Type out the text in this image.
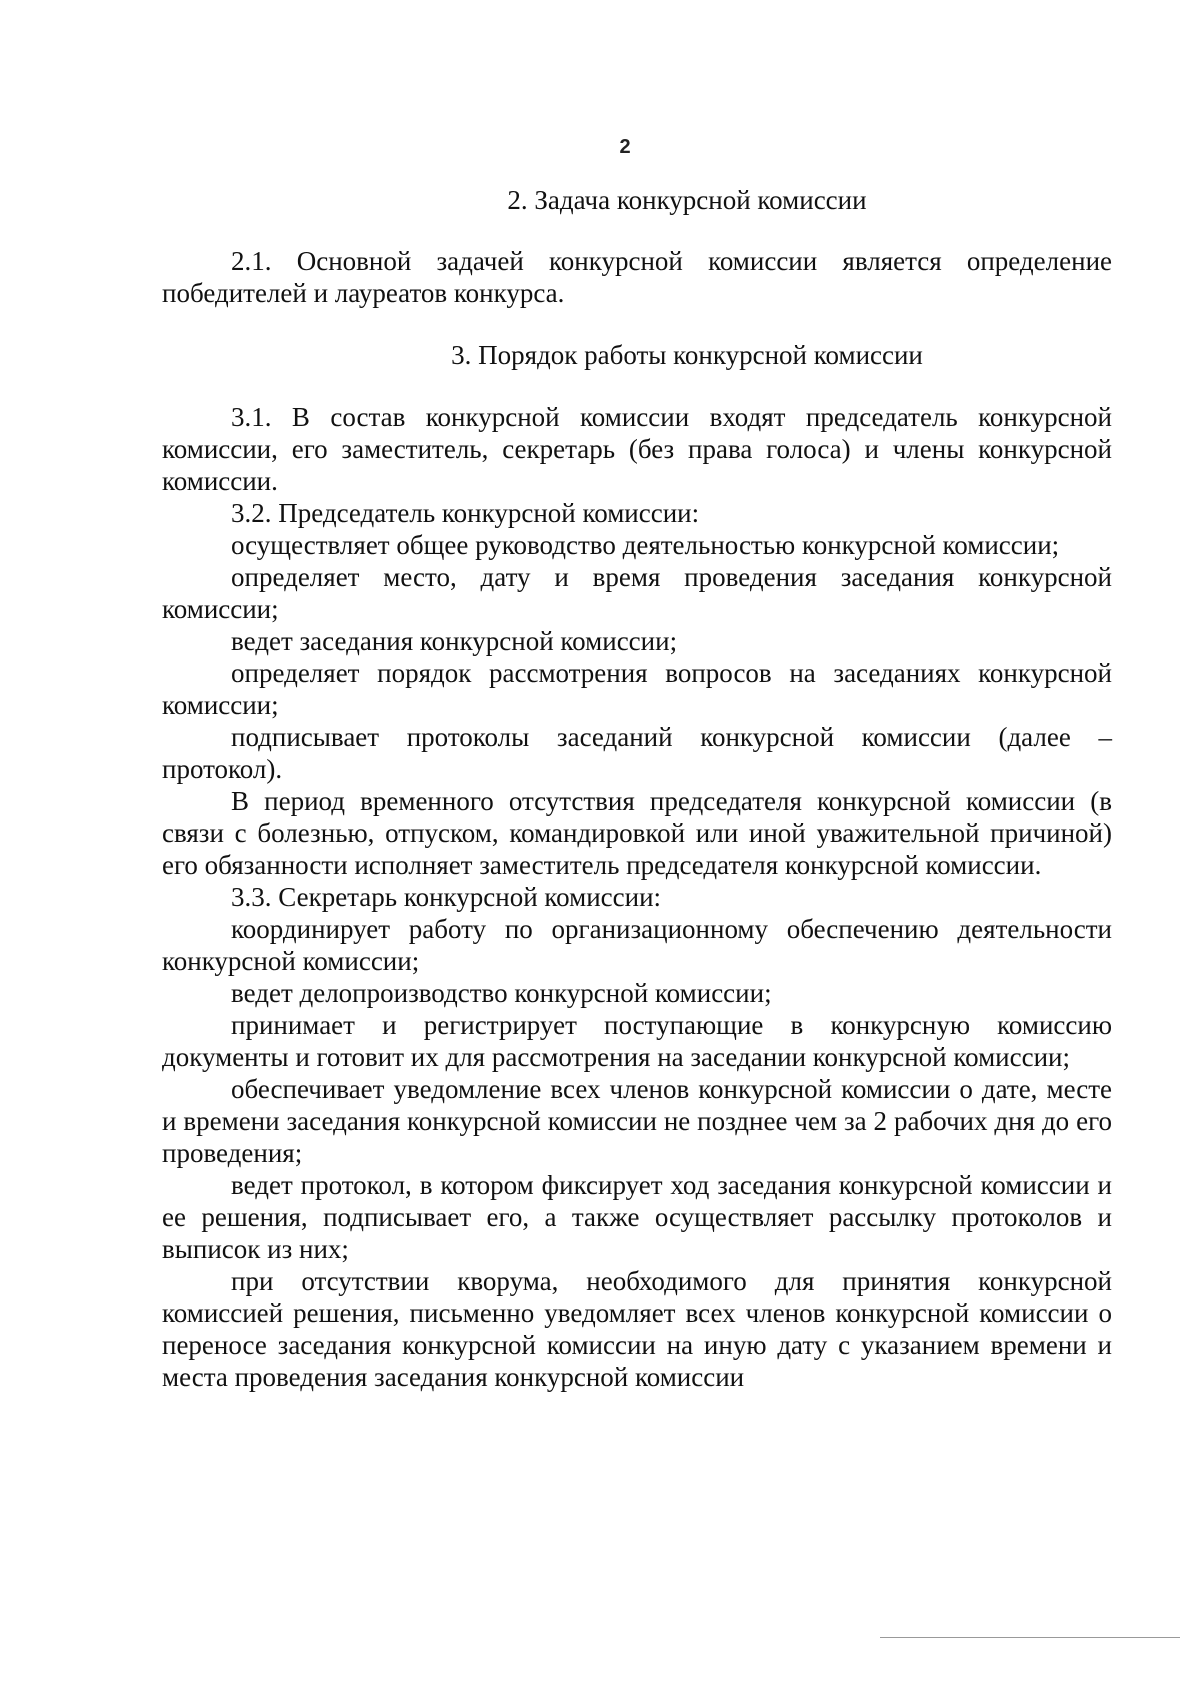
2

2. Задача конкурсной комиссии

2.1. Основной задачей конкурсной комиссии является определение победителей и лауреатов конкурса.

3. Порядок работы конкурсной комиссии

3.1. В состав конкурсной комиссии входят председатель конкурсной комиссии, его заместитель, секретарь (без права голоса) и члены конкурсной комиссии.

3.2. Председатель конкурсной комиссии:

осуществляет общее руководство деятельностью конкурсной комиссии;

определяет место, дату и время проведения заседания конкурсной комиссии;

ведет заседания конкурсной комиссии;

определяет порядок рассмотрения вопросов на заседаниях конкурсной комиссии;

подписывает протоколы заседаний конкурсной комиссии (далее – протокол).

В период временного отсутствия председателя конкурсной комиссии (в связи с болезнью, отпуском, командировкой или иной уважительной причиной) его обязанности исполняет заместитель председателя конкурсной комиссии.

3.3. Секретарь конкурсной комиссии:

координирует работу по организационному обеспечению деятельности конкурсной комиссии;

ведет делопроизводство конкурсной комиссии;

принимает и регистрирует поступающие в конкурсную комиссию документы и готовит их для рассмотрения на заседании конкурсной комиссии;

обеспечивает уведомление всех членов конкурсной комиссии о дате, месте и времени заседания конкурсной комиссии не позднее чем за 2 рабочих дня до его проведения;

ведет протокол, в котором фиксирует ход заседания конкурсной комиссии и ее решения, подписывает его, а также осуществляет рассылку протоколов и выписок из них;

при отсутствии кворума, необходимого для принятия конкурсной комиссией решения, письменно уведомляет всех членов конкурсной комиссии о переносе заседания конкурсной комиссии на иную дату с указанием времени и места проведения заседания конкурсной комиссии
